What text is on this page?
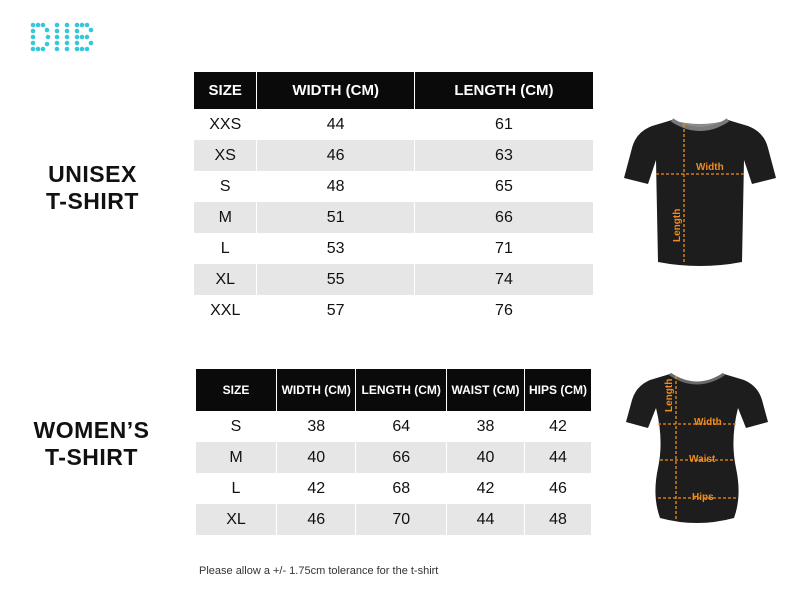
UNISEX
T-SHIRT
SIZE	WIDTH (CM)	LENGTH (CM)
XXS	44	61
XS	46	63
S	48	65
M	51	66
L	53	71
XL	55	74
XXL	57	76
Width
Length
WOMEN’S
T-SHIRT
SIZE	WIDTH (CM)	LENGTH (CM)	WAIST (CM)	HIPS (CM)
S	38	64	38	42
M	40	66	40	44
L	42	68	42	46
XL	46	70	44	48
Length
Width
Waist
Hips
Please allow a +/- 1.75cm tolerance for the t-shirt
